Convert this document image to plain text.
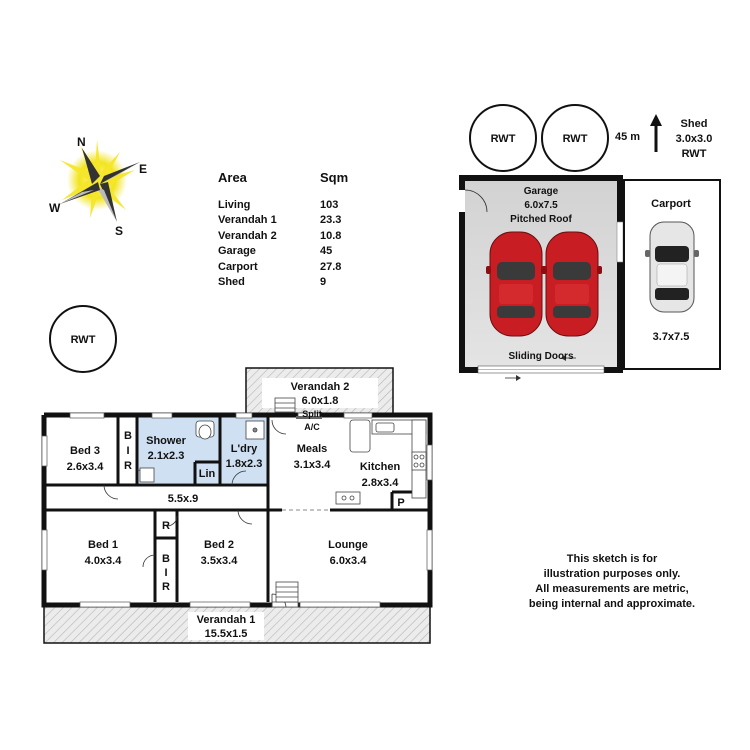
N
E
S
W
RWT
RWT	RWT	45 m
Shed
3.0x3.0
RWT
Garage
6.0x7.5
Pitched Roof
Sliding Doors
Carport
3.7x7.5
Verandah 2
6.0x1.8
Verandah 1
15.5x1.5
Split
A/C
Bed 3
2.6x3.4
B
I
R
Shower
2.1x2.3
L'dry
1.8x2.3
Lin
Meals
3.1x3.4	Kitchen
2.8x3.4
P
5.5x.9
Bed 1
4.0x3.4
R
B
I
R
Bed 2
3.5x3.4
Lounge
6.0x3.4
Area	Sqm
Living	103
Verandah 1	23.3
Verandah 2	10.8
Garage	45
Carport	27.8
Shed	9
This sketch is for
illustration purposes only.
All measurements are metric,
being internal and approximate.
